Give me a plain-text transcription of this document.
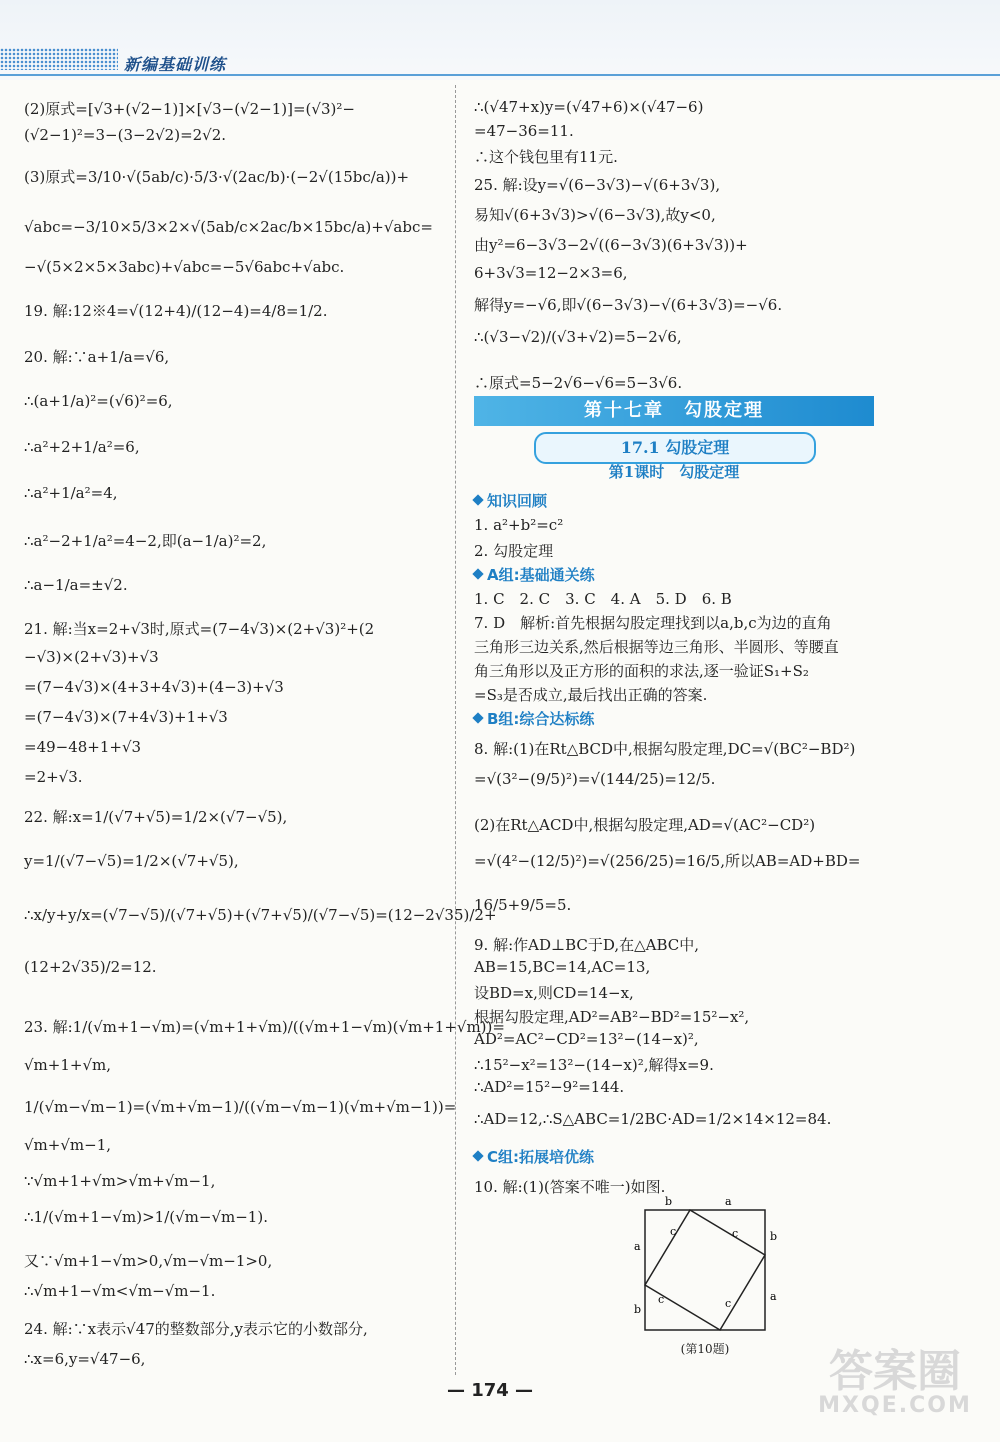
新编基础训练
(2)原式=[√3+(√2−1)]×[√3−(√2−1)]=(√3)²−
(√2−1)²=3−(3−2√2)=2√2.
(3)原式=3/10·√(5ab/c)·5/3·√(2ac/b)·(−2√(15bc/a))+
√abc=−3/10×5/3×2×√(5ab/c×2ac/b×15bc/a)+√abc=
−√(5×2×5×3abc)+√abc=−5√6abc+√abc.
19. 解:12※4=√(12+4)/(12−4)=4/8=1/2.
20. 解:∵a+1/a=√6,
∴(a+1/a)²=(√6)²=6,
∴a²+2+1/a²=6,
∴a²+1/a²=4,
∴a²−2+1/a²=4−2,即(a−1/a)²=2,
∴a−1/a=±√2.
21. 解:当x=2+√3时,原式=(7−4√3)×(2+√3)²+(2
−√3)×(2+√3)+√3
=(7−4√3)×(4+3+4√3)+(4−3)+√3
=(7−4√3)×(7+4√3)+1+√3
=49−48+1+√3
=2+√3.
22. 解:x=1/(√7+√5)=1/2×(√7−√5),
y=1/(√7−√5)=1/2×(√7+√5),
∴x/y+y/x=(√7−√5)/(√7+√5)+(√7+√5)/(√7−√5)=(12−2√35)/2+
(12+2√35)/2=12.
23. 解:1/(√m+1−√m)=(√m+1+√m)/((√m+1−√m)(√m+1+√m))=
√m+1+√m,
1/(√m−√m−1)=(√m+√m−1)/((√m−√m−1)(√m+√m−1))=
√m+√m−1,
∵√m+1+√m>√m+√m−1,
∴1/(√m+1−√m)>1/(√m−√m−1).
又∵√m+1−√m>0,√m−√m−1>0,
∴√m+1−√m<√m−√m−1.
24. 解:∵x表示√47的整数部分,y表示它的小数部分,
∴x=6,y=√47−6,
∴(√47+x)y=(√47+6)×(√47−6)
=47−36=11.
∴这个钱包里有11元.
25. 解:设y=√(6−3√3)−√(6+3√3),
易知√(6+3√3)>√(6−3√3),故y<0,
由y²=6−3√3−2√((6−3√3)(6+3√3))+
6+3√3=12−2×3=6,
解得y=−√6,即√(6−3√3)−√(6+3√3)=−√6.
∴(√3−√2)/(√3+√2)=5−2√6,
∴原式=5−2√6−√6=5−3√6.
第十七章　勾股定理
17.1 勾股定理
第1课时　勾股定理
知识回顾
A组:基础通关练
B组:综合达标练
C组:拓展培优练
1. a²+b²=c²
2. 勾股定理
1. C　2. C　3. C　4. A　5. D　6. B
7. D　解析:首先根据勾股定理找到以a,b,c为边的直角
三角形三边关系,然后根据等边三角形、半圆形、等腰直
角三角形以及正方形的面积的求法,逐一验证S₁+S₂
=S₃是否成立,最后找出正确的答案.
8. 解:(1)在Rt△BCD中,根据勾股定理,DC=√(BC²−BD²)
=√(3²−(9/5)²)=√(144/25)=12/5.
(2)在Rt△ACD中,根据勾股定理,AD=√(AC²−CD²)
=√(4²−(12/5)²)=√(256/25)=16/5,所以AB=AD+BD=
16/5+9/5=5.
9. 解:作AD⊥BC于D,在△ABC中,
AB=15,BC=14,AC=13,
设BD=x,则CD=14−x,
根据勾股定理,AD²=AB²−BD²=15²−x²,
AD²=AC²−CD²=13²−(14−x)²,
∴15²−x²=13²−(14−x)²,解得x=9.
∴AD²=15²−9²=144.
∴AD=12,∴S△ABC=1/2BC·AD=1/2×14×12=84.
10. 解:(1)(答案不唯一)如图.
b	a
a
b
b
a
c	c
c	c
(第10题)
— 174 —	答案圈
MXQE.COM
